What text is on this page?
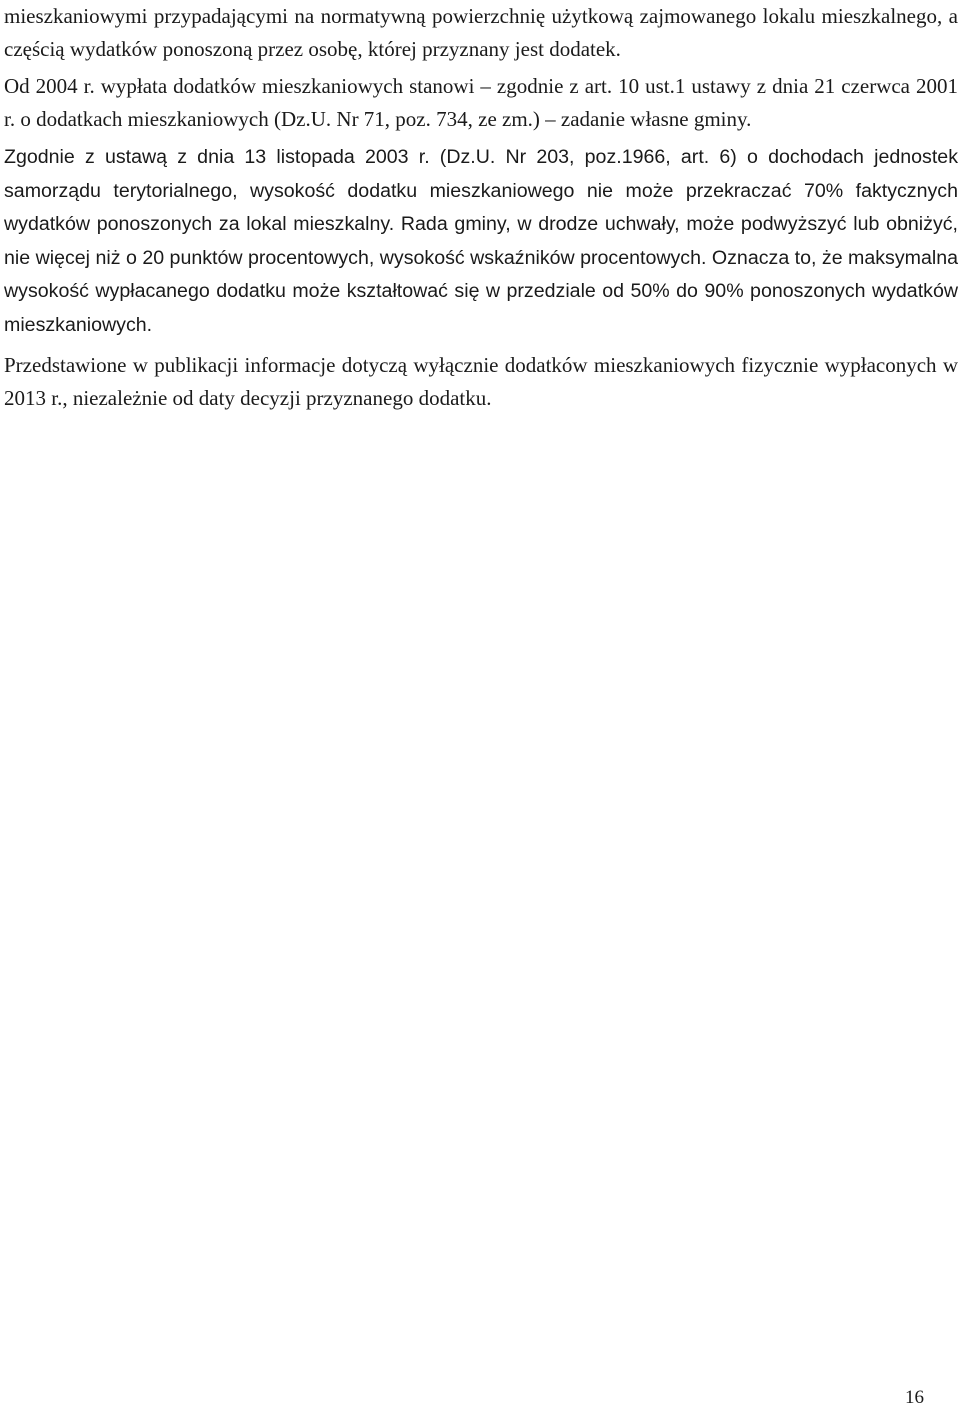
mieszkaniowymi przypadającymi na normatywną powierzchnię użytkową zajmowanego lokalu mieszkalnego, a częścią wydatków ponoszoną przez osobę, której przyznany jest dodatek.

Od 2004 r. wypłata dodatków mieszkaniowych stanowi – zgodnie z art. 10 ust.1 ustawy z dnia 21 czerwca 2001 r. o dodatkach mieszkaniowych (Dz.U. Nr 71, poz. 734, ze zm.) – zadanie własne gminy.

Zgodnie z ustawą z dnia 13 listopada 2003 r. (Dz.U. Nr 203, poz.1966, art. 6) o dochodach jednostek samorządu terytorialnego, wysokość dodatku mieszkaniowego nie może przekraczać 70% faktycznych wydatków ponoszonych za lokal mieszkalny. Rada gminy, w drodze uchwały, może podwyższyć lub obniżyć, nie więcej niż o 20 punktów procentowych, wysokość wskaźników procentowych. Oznacza to, że maksymalna wysokość wypłacanego dodatku może kształtować się w przedziale od 50% do 90% ponoszonych wydatków mieszkaniowych.

Przedstawione w publikacji informacje dotyczą wyłącznie dodatków mieszkaniowych fizycznie wypłaconych w 2013 r., niezależnie od daty decyzji przyznanego dodatku.

16
